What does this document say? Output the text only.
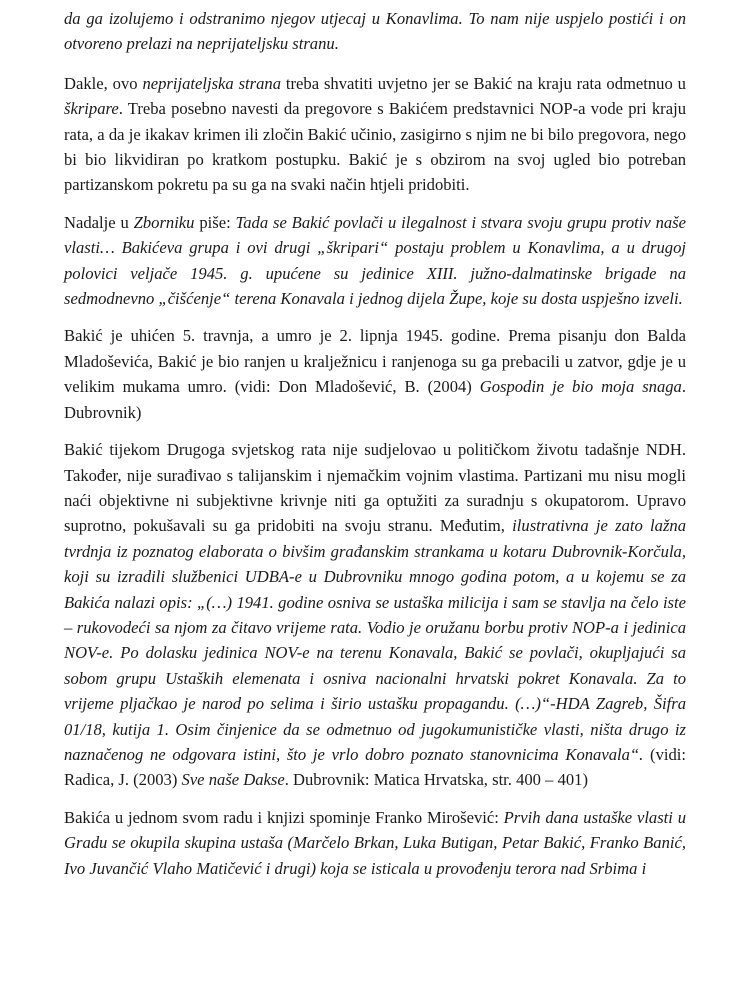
da ga izolujemo i odstranimo njegov utjecaj u Konavlima. To nam nije uspjelo postići i on otvoreno prelazi na neprijateljsku stranu.

Dakle, ovo neprijateljska strana treba shvatiti uvjetno jer se Bakić na kraju rata odmetnuo u škripare. Treba posebno navesti da pregovore s Bakićem predstavnici NOP-a vode pri kraju rata, a da je ikakav krimen ili zločin Bakić učinio, zasigirno s njim ne bi bilo pregovora, nego bi bio likvidiran po kratkom postupku. Bakić je s obzirom na svoj ugled bio potreban partizanskom pokretu pa su ga na svaki način htjeli pridobiti.

Nadalje u Zborniku piše: Tada se Bakić povlači u ilegalnost i stvara svoju grupu protiv naše vlasti… Bakićeva grupa i ovi drugi „škripari“ postaju problem u Konavlima, a u drugoj polovici veljače 1945. g. upućene su jedinice XIII. južno-dalmatinske brigade na sedmodnevno „čišćenje“ terena Konavala i jednog dijela Župe, koje su dosta uspješno izveli.

Bakić je uhićen 5. travnja, a umro je 2. lipnja 1945. godine. Prema pisanju don Balda Mladoševića, Bakić je bio ranjen u kralježnicu i ranjenoga su ga prebacili u zatvor, gdje je u velikim mukama umro. (vidi: Don Mladošević, B. (2004) Gospodin je bio moja snaga. Dubrovnik)

Bakić tijekom Drugoga svjetskog rata nije sudjelovao u političkom životu tadašnje NDH. Također, nije surađivao s talijanskim i njemačkim vojnim vlastima. Partizani mu nisu mogli naći objektivne ni subjektivne krivnje niti ga optužiti za suradnju s okupatorom. Upravo suprotno, pokušavali su ga pridobiti na svoju stranu. Međutim, ilustrativna je zato lažna tvrdnja iz poznatog elaborata o bivšim građanskim strankama u kotaru Dubrovnik-Korčula, koji su izradili službenici UDBA-e u Dubrovniku mnogo godina potom, a u kojemu se za Bakića nalazi opis: „(…) 1941. godine osniva se ustaška milicija i sam se stavlja na čelo iste – rukovodeći sa njom za čitavo vrijeme rata. Vodio je oružanu borbu protiv NOP-a i jedinica NOV-e. Po dolasku jedinica NOV-e na terenu Konavala, Bakić se povlači, okupljajući sa sobom grupu Ustaških elemenata i osniva nacionalni hrvatski pokret Konavala. Za to vrijeme pljačkao je narod po selima i širio ustašku propagandu. (…)“-HDA Zagreb, Šifra 01/18, kutija 1. Osim činjenice da se odmetnuo od jugokumunističke vlasti, ništa drugo iz naznačenog ne odgovara istini, što je vrlo dobro poznato stanovnicima Konavala“. (vidi: Radica, J. (2003) Sve naše Dakse. Dubrovnik: Matica Hrvatska, str. 400 – 401)

Bakića u jednom svom radu i knjizi spominje Franko Mirošević: Prvih dana ustaške vlasti u Gradu se okupila skupina ustaša (Marčelo Brkan, Luka Butigan, Petar Bakić, Franko Banić, Ivo Juvančić Vlaho Matičević i drugi) koja se isticala u provođenju terora nad Srbima i
